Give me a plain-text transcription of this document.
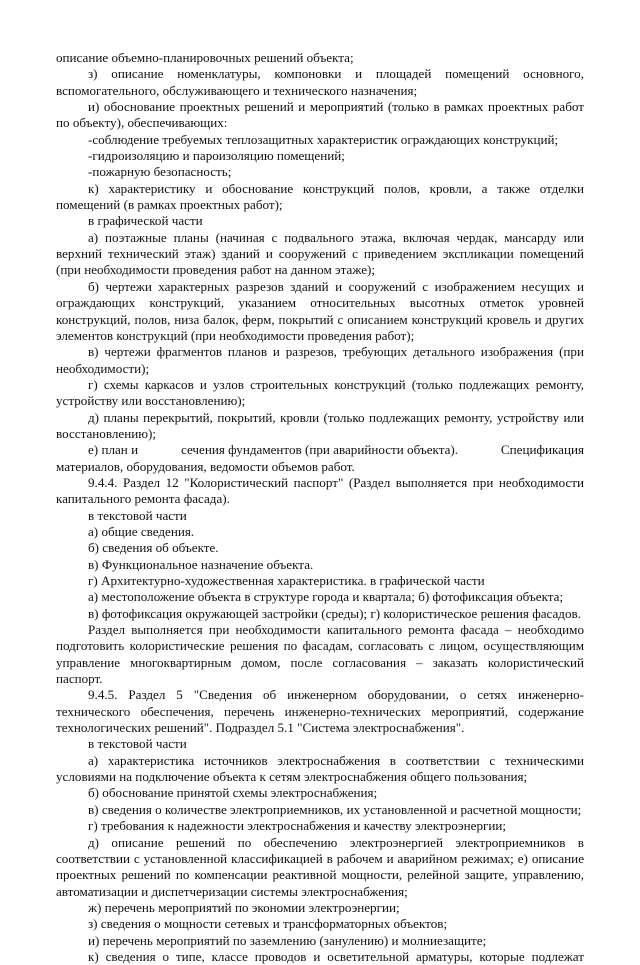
описание объемно-планировочных решений объекта;

з) описание номенклатуры, компоновки и площадей помещений основного, вспомогательного, обслуживающего и технического назначения;

и) обоснование проектных решений и мероприятий (только в рамках проектных работ по объекту), обеспечивающих:

-соблюдение требуемых теплозащитных характеристик ограждающих конструкций;

-гидроизоляцию и пароизоляцию помещений;

-пожарную безопасность;

к) характеристику и обоснование конструкций полов, кровли, а также отделки помещений (в рамках проектных работ);

в графической части

а) поэтажные планы (начиная с подвального этажа, включая чердак, мансарду или верхний технический этаж) зданий и сооружений с приведением экспликации помещений (при необходимости проведения работ на данном этаже);

б) чертежи характерных разрезов зданий и сооружений с изображением несущих и ограждающих конструкций, указанием относительных высотных отметок уровней конструкций, полов, низа балок, ферм, покрытий с описанием конструкций кровель и других элементов конструкций (при необходимости проведения работ);

в) чертежи фрагментов планов и разрезов, требующих детального изображения (при необходимости);

г) схемы каркасов и узлов строительных конструкций (только подлежащих ремонту, устройству или восстановлению);

д) планы перекрытий, покрытий, кровли (только подлежащих ремонту, устройству или восстановлению);

е) план и	сечения фундаментов (при аварийности объекта).	Спецификация

материалов, оборудования, ведомости объемов работ.

9.4.4. Раздел 12 "Колористический паспорт" (Раздел выполняется при необходимости капитального ремонта фасада).

в текстовой части

а) общие сведения.

б) сведения об объекте.

в) Функциональное назначение объекта.

г) Архитектурно-художественная характеристика. в графической части

а) местоположение объекта в структуре города и квартала; б) фотофиксация объекта;

в) фотофиксация окружающей застройки (среды); г) колористическое решения фасадов.

Раздел выполняется при необходимости капитального ремонта фасада – необходимо подготовить колористические решения по фасадам, согласовать с лицом, осуществляющим управление многоквартирным домом, после согласования – заказать колористический паспорт.

9.4.5. Раздел 5 "Сведения об инженерном оборудовании, о сетях инженерно-технического обеспечения, перечень инженерно-технических мероприятий, содержание технологических решений". Подраздел 5.1 "Система электроснабжения".

в текстовой части

а) характеристика источников электроснабжения в соответствии с техническими условиями на подключение объекта к сетям электроснабжения общего пользования;

б) обоснование принятой схемы электроснабжения;

в) сведения о количестве электроприемников, их установленной и расчетной мощности;

г) требования к надежности электроснабжения и качеству электроэнергии;

д) описание решений по обеспечению электроэнергией электроприемников в соответствии с установленной классификацией в рабочем и аварийном режимах; е) описание проектных решений по компенсации реактивной мощности, релейной защите, управлению, автоматизации и диспетчеризации системы электроснабжения;

ж) перечень мероприятий по экономии электроэнергии;

з) сведения о мощности сетевых и трансформаторных объектов;

и) перечень мероприятий по заземлению (занулению) и молниезащите;

к) сведения о типе, классе проводов и осветительной арматуры, которые подлежат
